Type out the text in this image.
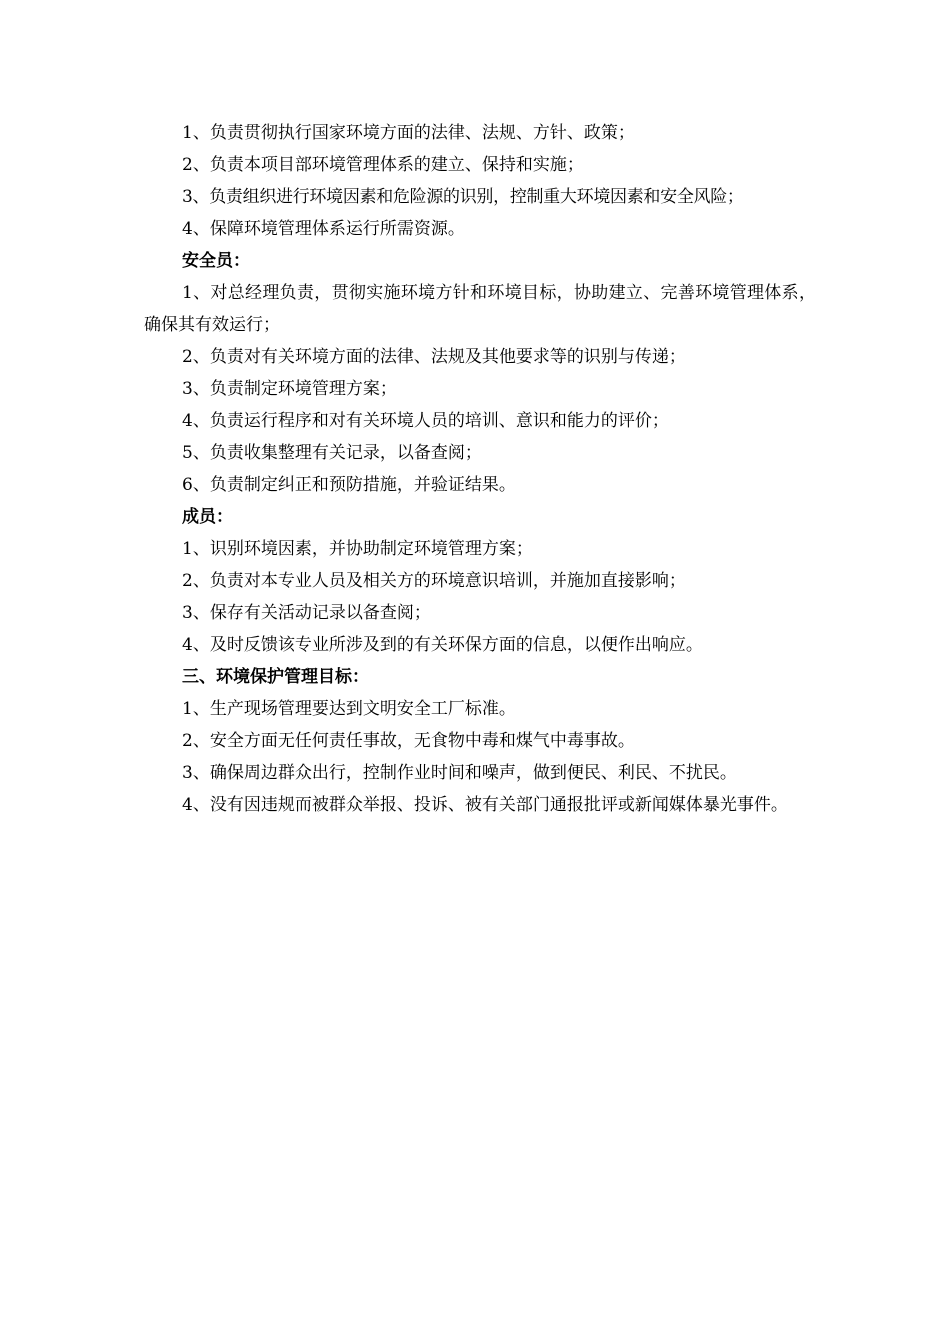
1、负责贯彻执行国家环境方面的法律、法规、方针、政策；

2、负责本项目部环境管理体系的建立、保持和实施；

3、负责组织进行环境因素和危险源的识别，控制重大环境因素和安全风险；

4、保障环境管理体系运行所需资源。

安全员：

1、对总经理负责，贯彻实施环境方针和环境目标，协助建立、完善环境管理体系，确保其有效运行；

2、负责对有关环境方面的法律、法规及其他要求等的识别与传递；

3、负责制定环境管理方案；

4、负责运行程序和对有关环境人员的培训、意识和能力的评价；

5、负责收集整理有关记录，以备查阅；

6、负责制定纠正和预防措施，并验证结果。

成员：

1、识别环境因素，并协助制定环境管理方案；

2、负责对本专业人员及相关方的环境意识培训，并施加直接影响；

3、保存有关活动记录以备查阅；

4、及时反馈该专业所涉及到的有关环保方面的信息，以便作出响应。

三、环境保护管理目标：

1、生产现场管理要达到文明安全工厂标准。

2、安全方面无任何责任事故，无食物中毒和煤气中毒事故。

3、确保周边群众出行，控制作业时间和噪声，做到便民、利民、不扰民。

4、没有因违规而被群众举报、投诉、被有关部门通报批评或新闻媒体暴光事件。
